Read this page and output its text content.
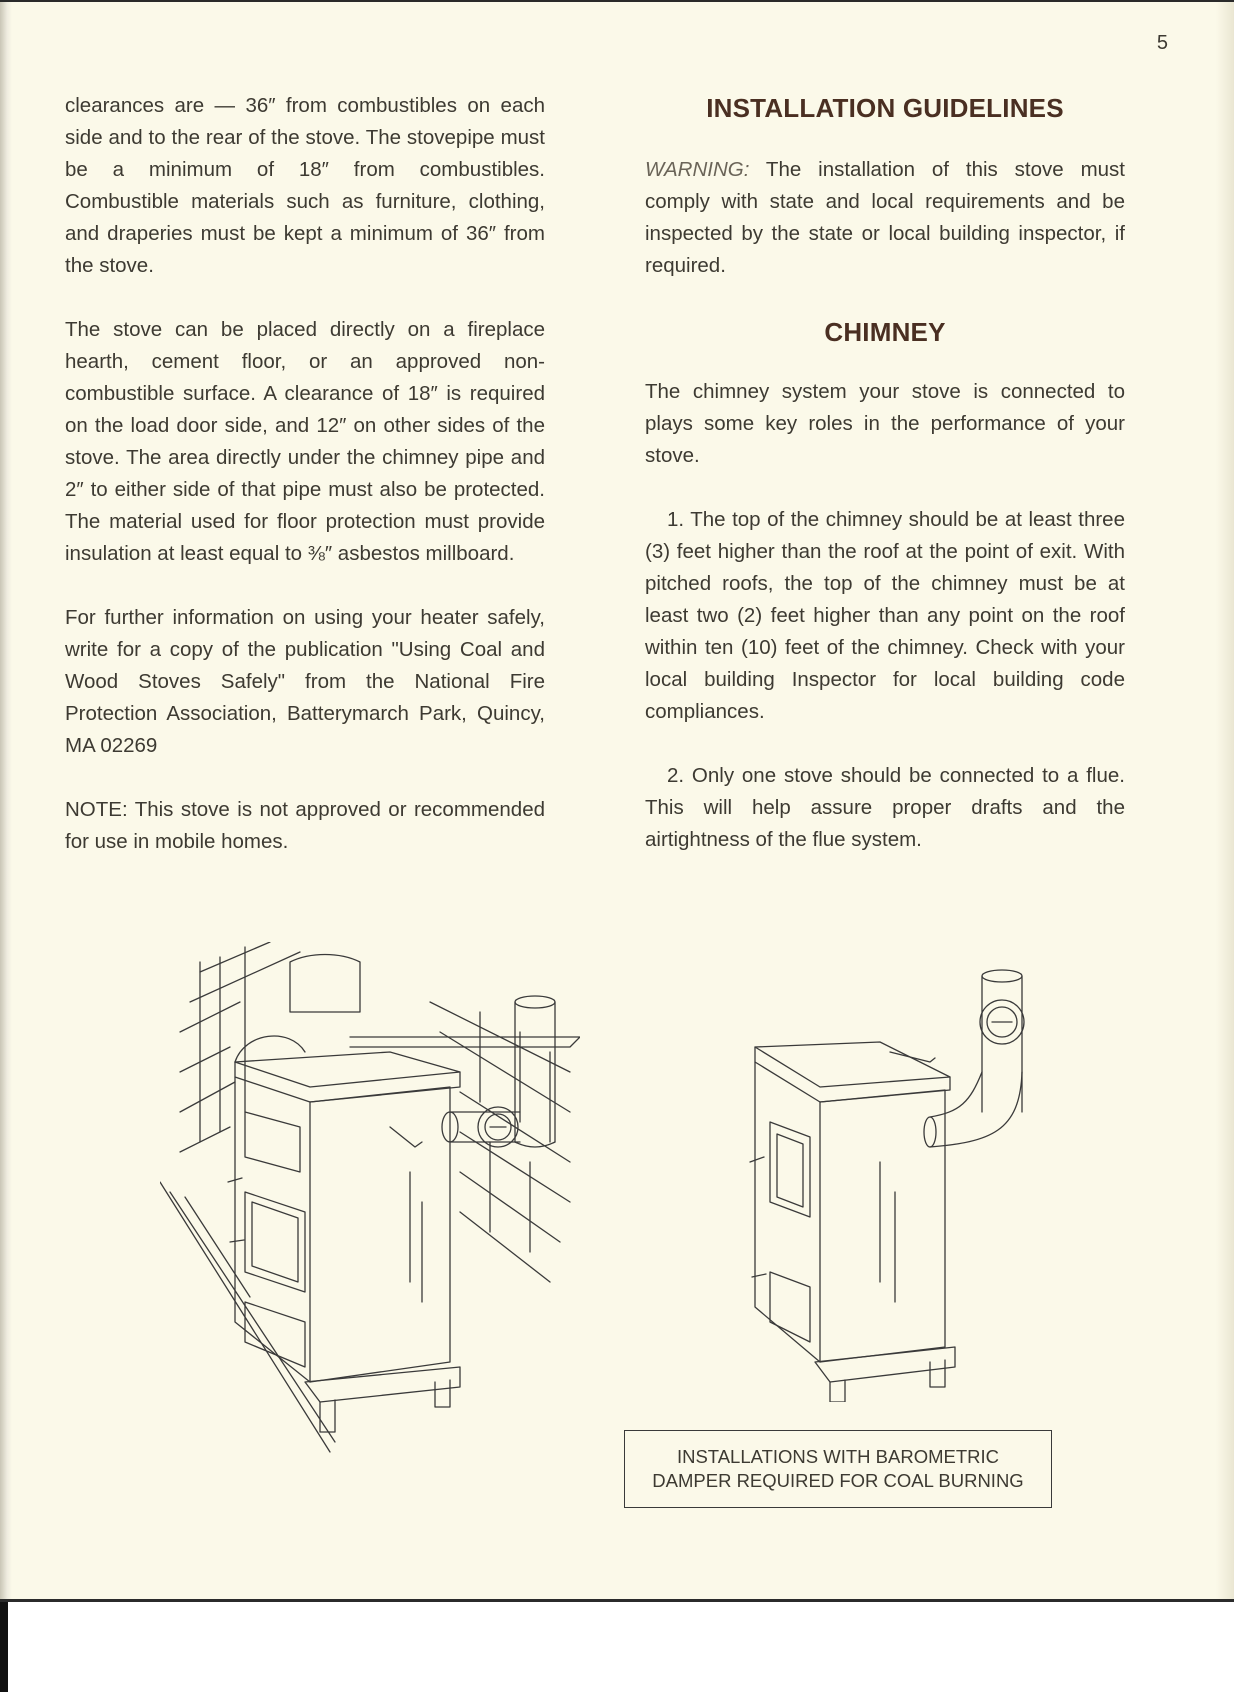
5

clearances are — 36″ from combustibles on each side and to the rear of the stove. The stovepipe must be a minimum of 18″ from combustibles. Combustible materials such as furniture, clothing, and draperies must be kept a minimum of 36″ from the stove.

The stove can be placed directly on a fireplace hearth, cement floor, or an approved non-combustible surface. A clearance of 18″ is required on the load door side, and 12″ on other sides of the stove. The area directly under the chimney pipe and 2″ to either side of that pipe must also be protected. The material used for floor protection must provide insulation at least equal to ⅜″ asbestos millboard.

For further information on using your heater safely, write for a copy of the publication "Using Coal and Wood Stoves Safely" from the National Fire Protection Association, Batterymarch Park, Quincy, MA 02269

NOTE: This stove is not approved or recommended for use in mobile homes.

INSTALLATION GUIDELINES

WARNING: The installation of this stove must comply with state and local requirements and be inspected by the state or local building inspector, if required.

CHIMNEY

The chimney system your stove is connected to plays some key roles in the performance of your stove.

1. The top of the chimney should be at least three (3) feet higher than the roof at the point of exit. With pitched roofs, the top of the chimney must be at least two (2) feet higher than any point on the roof within ten (10) feet of the chimney. Check with your local building Inspector for local building code compliances.

2. Only one stove should be connected to a flue. This will help assure proper drafts and the airtightness of the flue system.

INSTALLATIONS WITH BAROMETRIC
DAMPER REQUIRED FOR COAL BURNING
